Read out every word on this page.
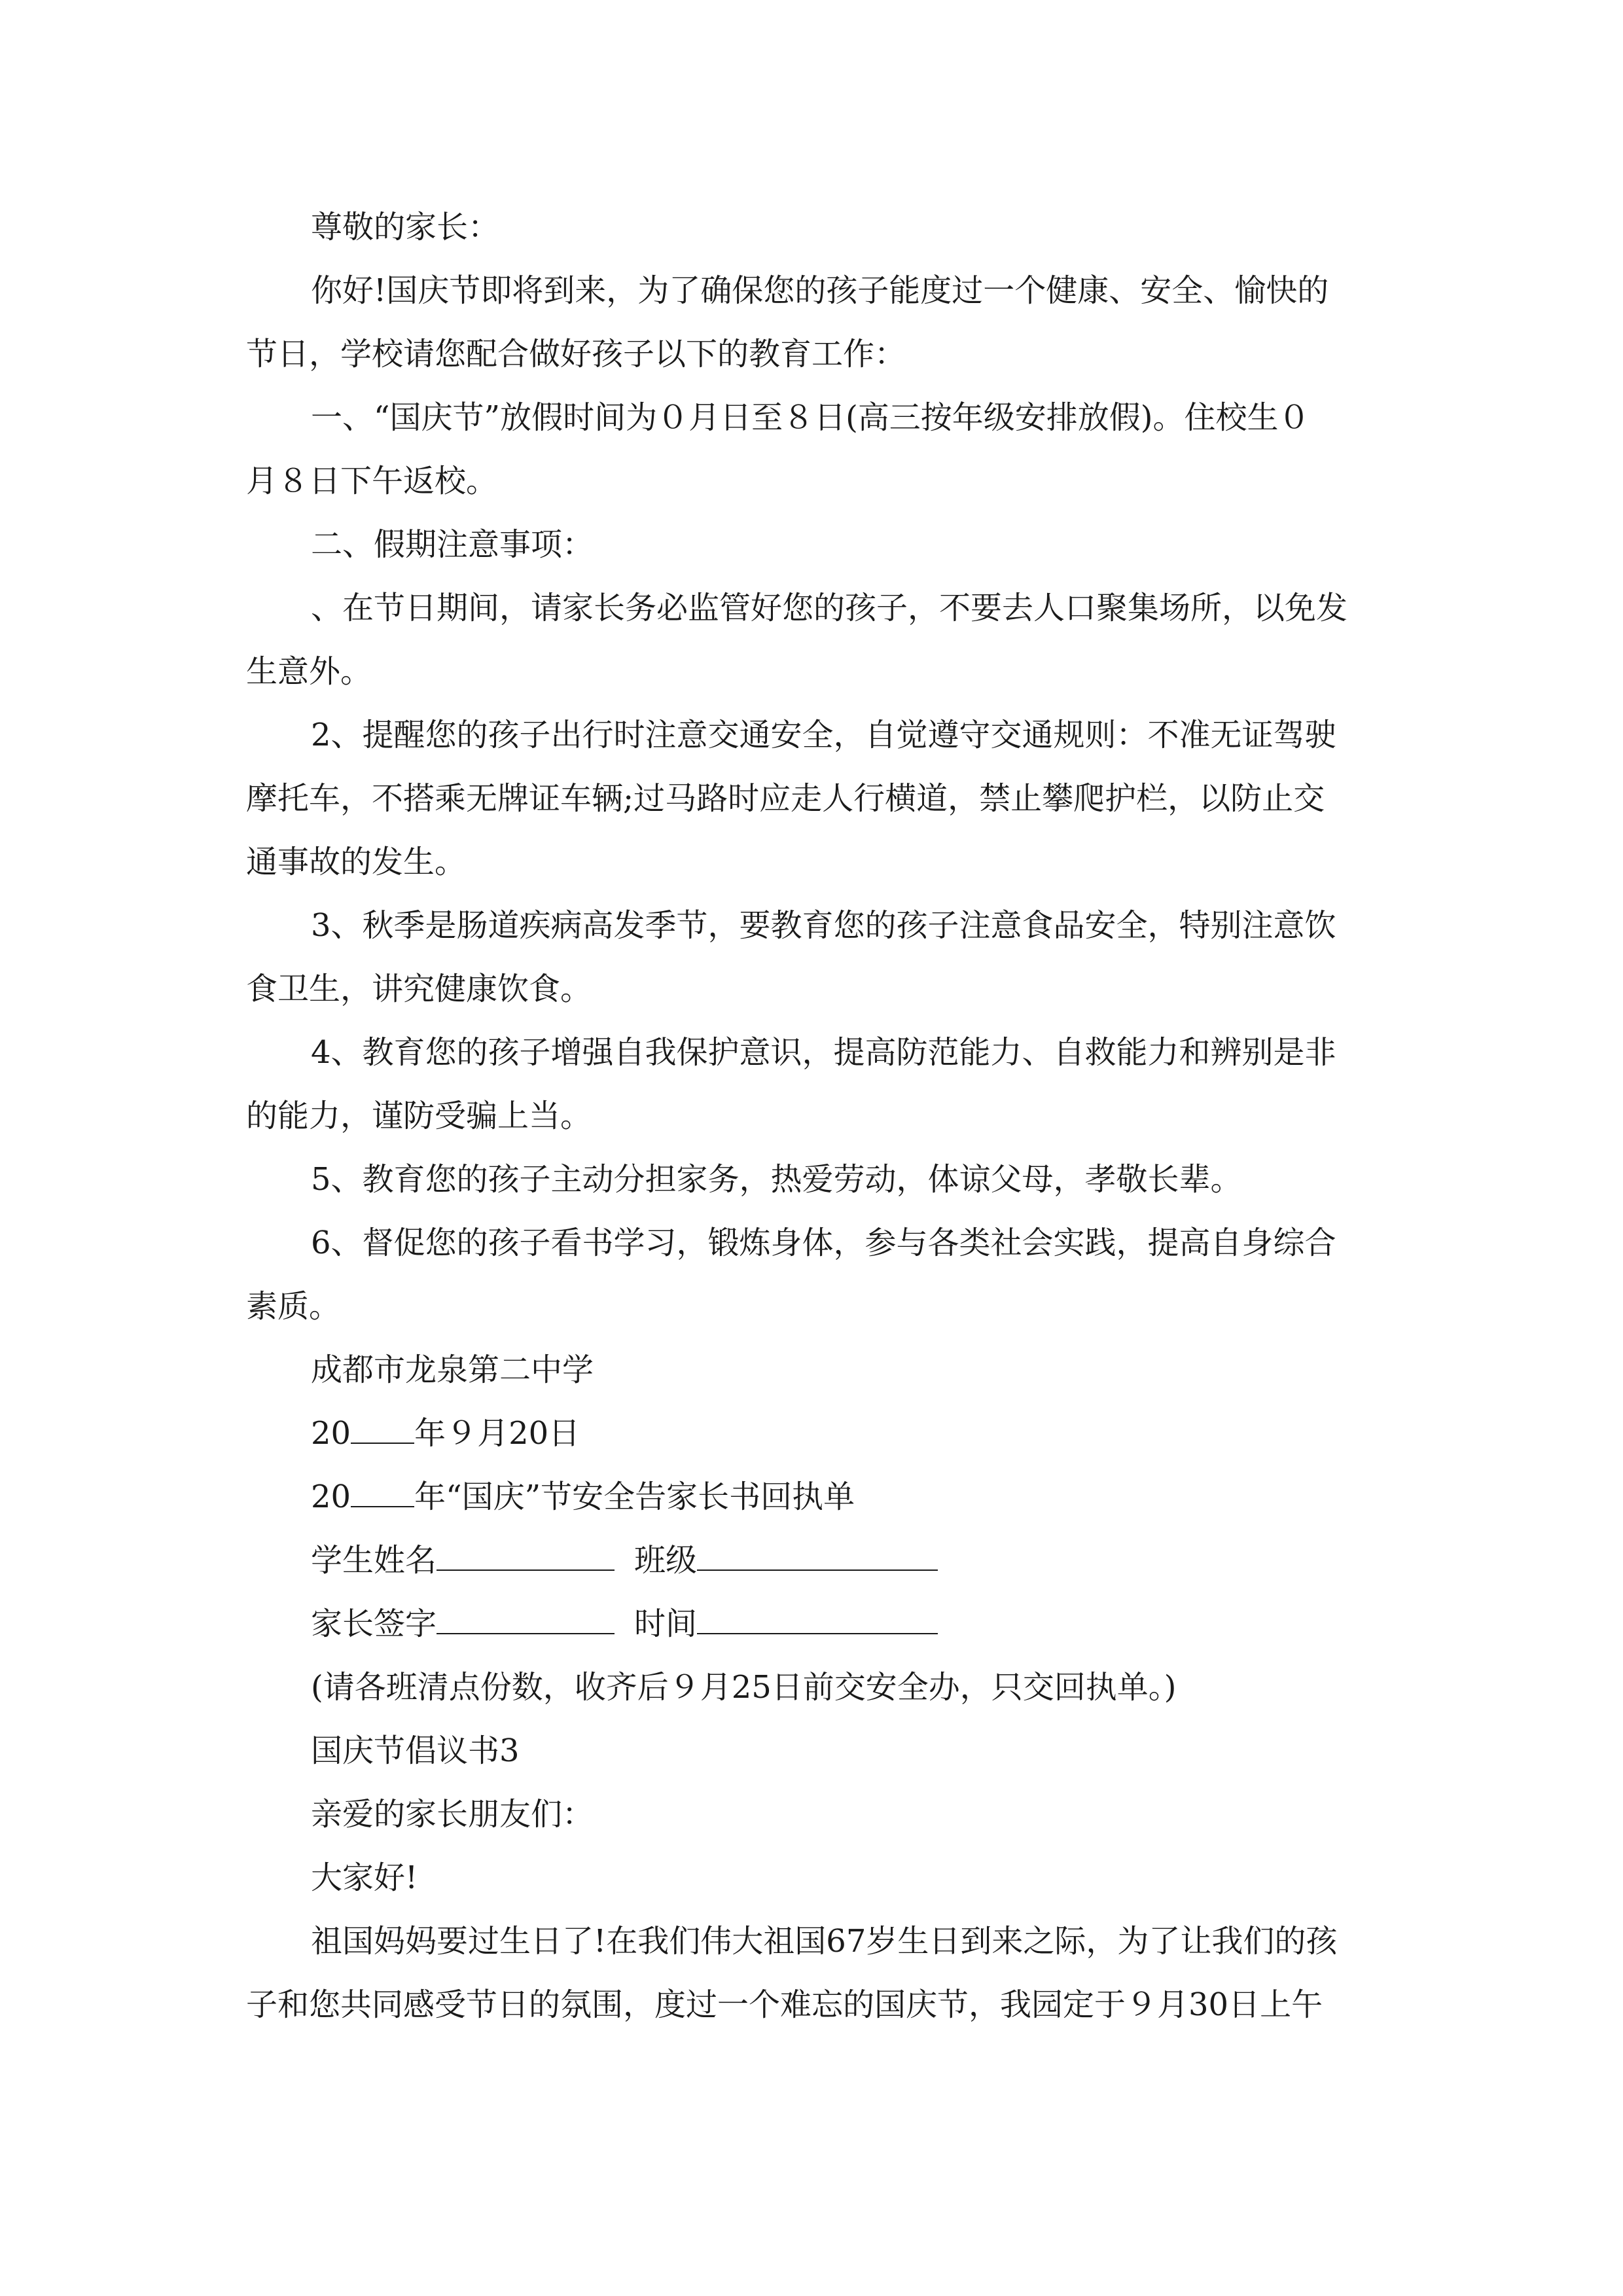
尊敬的家长：

你好!国庆节即将到来，为了确保您的孩子能度过一个健康、安全、愉快的
节日，学校请您配合做好孩子以下的教育工作：
一、“国庆节”放假时间为０月日至８日(高三按年级安排放假)。住校生０
月８日下午返校。
二、假期注意事项：
、在节日期间，请家长务必监管好您的孩子，不要去人口聚集场所，以免发
生意外。
2、提醒您的孩子出行时注意交通安全，自觉遵守交通规则：不准无证驾驶
摩托车，不搭乘无牌证车辆;过马路时应走人行横道，禁止攀爬护栏，以防止交
通事故的发生。
3、秋季是肠道疾病高发季节，要教育您的孩子注意食品安全，特别注意饮
食卫生，讲究健康饮食。
4、教育您的孩子增强自我保护意识，提高防范能力、自救能力和辨别是非
的能力，谨防受骗上当。
5、教育您的孩子主动分担家务，热爱劳动，体谅父母，孝敬长辈。
6、督促您的孩子看书学习，锻炼身体，参与各类社会实践，提高自身综合
素质。
成都市龙泉第二中学
20 年９月20日
20 年“国庆”节安全告家长书回执单
学生姓名	班级
家长签字	时间
(请各班清点份数，收齐后９月25日前交安全办，只交回执单。)
国庆节倡议书3
亲爱的家长朋友们：
大家好!
祖国妈妈要过生日了!在我们伟大祖国67岁生日到来之际，为了让我们的孩
子和您共同感受节日的氛围，度过一个难忘的国庆节，我园定于９月30日上午
